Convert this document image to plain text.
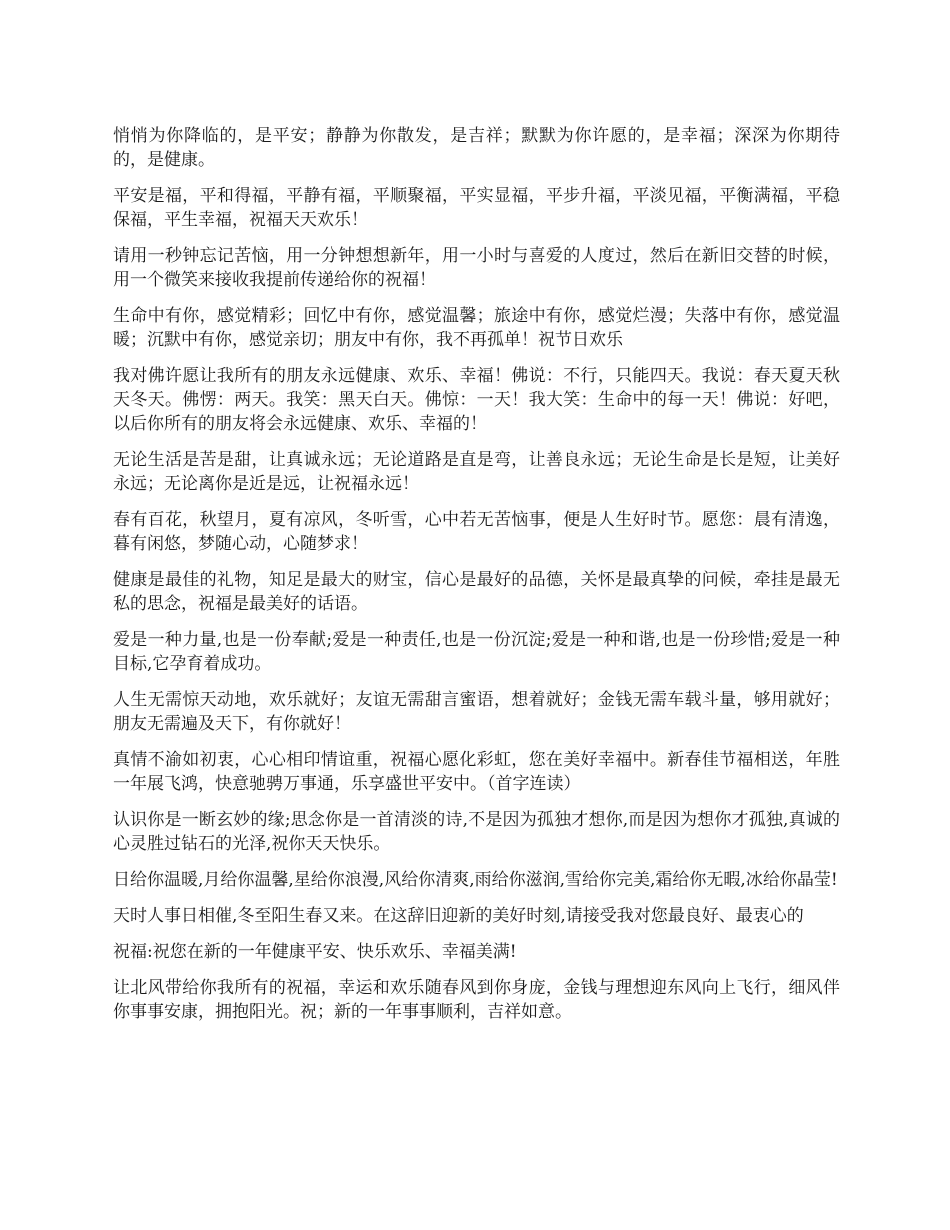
悄悄为你降临的，是平安；静静为你散发，是吉祥；默默为你许愿的，是幸福；深深为你期待的，是健康。

平安是福，平和得福，平静有福，平顺聚福，平实显福，平步升福，平淡见福，平衡满福，平稳保福，平生幸福，祝福天天欢乐！

请用一秒钟忘记苦恼，用一分钟想想新年，用一小时与喜爱的人度过，然后在新旧交替的时候，用一个微笑来接收我提前传递给你的祝福！

生命中有你，感觉精彩；回忆中有你，感觉温馨；旅途中有你，感觉烂漫；失落中有你，感觉温暖；沉默中有你，感觉亲切；朋友中有你，我不再孤单！祝节日欢乐

我对佛许愿让我所有的朋友永远健康、欢乐、幸福！佛说：不行，只能四天。我说：春天夏天秋天冬天。佛愣：两天。我笑：黑天白天。佛惊：一天！我大笑：生命中的每一天！佛说：好吧，以后你所有的朋友将会永远健康、欢乐、幸福的！

无论生活是苦是甜，让真诚永远；无论道路是直是弯，让善良永远；无论生命是长是短，让美好永远；无论离你是近是远，让祝福永远！

春有百花，秋望月，夏有凉风，冬听雪，心中若无苦恼事，便是人生好时节。愿您：晨有清逸，暮有闲悠，梦随心动，心随梦求！

健康是最佳的礼物，知足是最大的财宝，信心是最好的品德，关怀是最真挚的问候，牵挂是最无私的思念，祝福是最美好的话语。

爱是一种力量,也是一份奉献;爱是一种责任,也是一份沉淀;爱是一种和谐,也是一份珍惜;爱是一种目标,它孕育着成功。

人生无需惊天动地，欢乐就好；友谊无需甜言蜜语，想着就好；金钱无需车载斗量，够用就好；朋友无需遍及天下，有你就好！

真情不渝如初衷，心心相印情谊重，祝福心愿化彩虹，您在美好幸福中。新春佳节福相送，年胜一年展飞鸿，快意驰骋万事通，乐享盛世平安中。（首字连读）

认识你是一断玄妙的缘;思念你是一首清淡的诗,不是因为孤独才想你,而是因为想你才孤独,真诚的心灵胜过钻石的光泽,祝你天天快乐。

日给你温暖,月给你温馨,星给你浪漫,风给你清爽,雨给你滋润,雪给你完美,霜给你无暇,冰给你晶莹!

天时人事日相催,冬至阳生春又来。在这辞旧迎新的美好时刻,请接受我对您最良好、最衷心的

祝福:祝您在新的一年健康平安、快乐欢乐、幸福美满!

让北风带给你我所有的祝福，幸运和欢乐随春风到你身庞，金钱与理想迎东风向上飞行，细风伴你事事安康，拥抱阳光。祝；新的一年事事顺利，吉祥如意。
